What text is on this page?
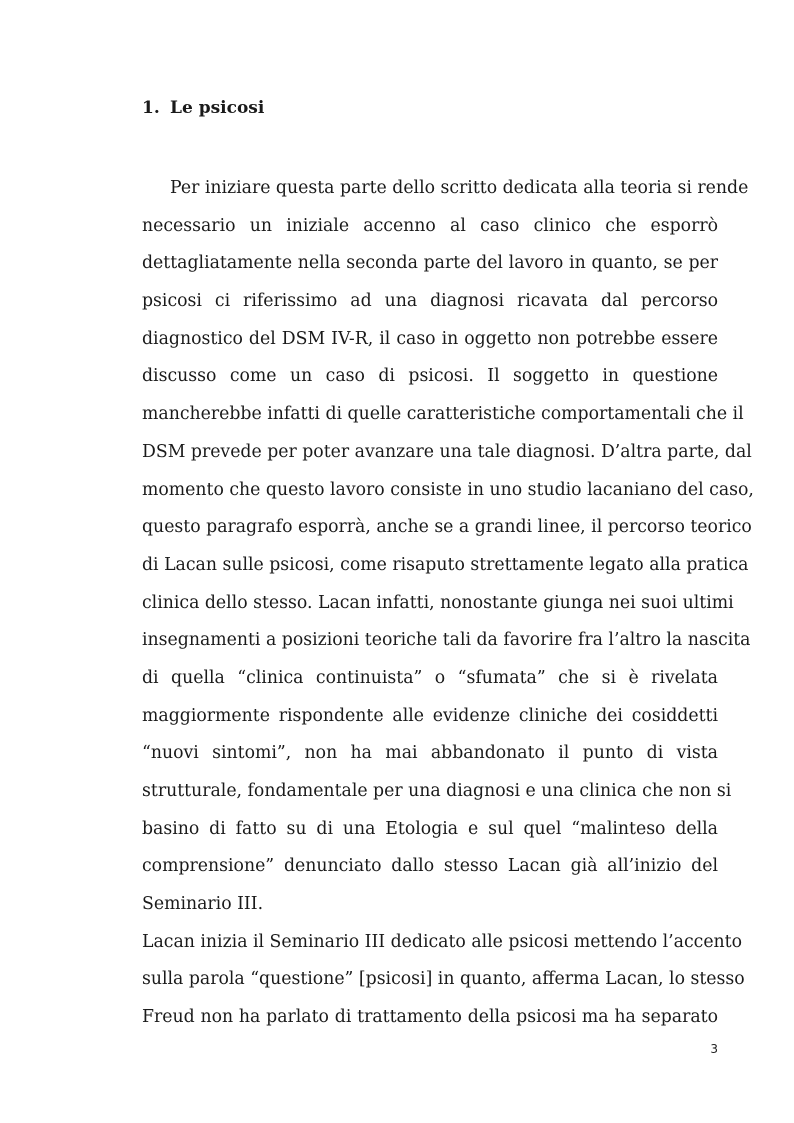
1. Le psicosi
Per iniziare questa parte dello scritto dedicata alla teoria si rende
necessario un iniziale accenno al caso clinico che esporrò
dettagliatamente nella seconda parte del lavoro in quanto, se per
psicosi ci riferissimo ad una diagnosi ricavata dal percorso
diagnostico del DSM IV-R, il caso in oggetto non potrebbe essere
discusso come un caso di psicosi. Il soggetto in questione
mancherebbe infatti di quelle caratteristiche comportamentali che il
DSM prevede per poter avanzare una tale diagnosi. D’altra parte, dal
momento che questo lavoro consiste in uno studio lacaniano del caso,
questo paragrafo esporrà, anche se a grandi linee, il percorso teorico
di Lacan sulle psicosi, come risaputo strettamente legato alla pratica
clinica dello stesso. Lacan infatti, nonostante giunga nei suoi ultimi
insegnamenti a posizioni teoriche tali da favorire fra l’altro la nascita
di quella “clinica continuista” o “sfumata” che si è rivelata
maggiormente rispondente alle evidenze cliniche dei cosiddetti
“nuovi sintomi”, non ha mai abbandonato il punto di vista
strutturale, fondamentale per una diagnosi e una clinica che non si
basino di fatto su di una Etologia e sul quel “malinteso della
comprensione” denunciato dallo stesso Lacan già all’inizio del
Seminario III.
Lacan inizia il Seminario III dedicato alle psicosi mettendo l’accento
sulla parola “questione” [psicosi] in quanto, afferma Lacan, lo stesso
Freud non ha parlato di trattamento della psicosi ma ha separato
3
